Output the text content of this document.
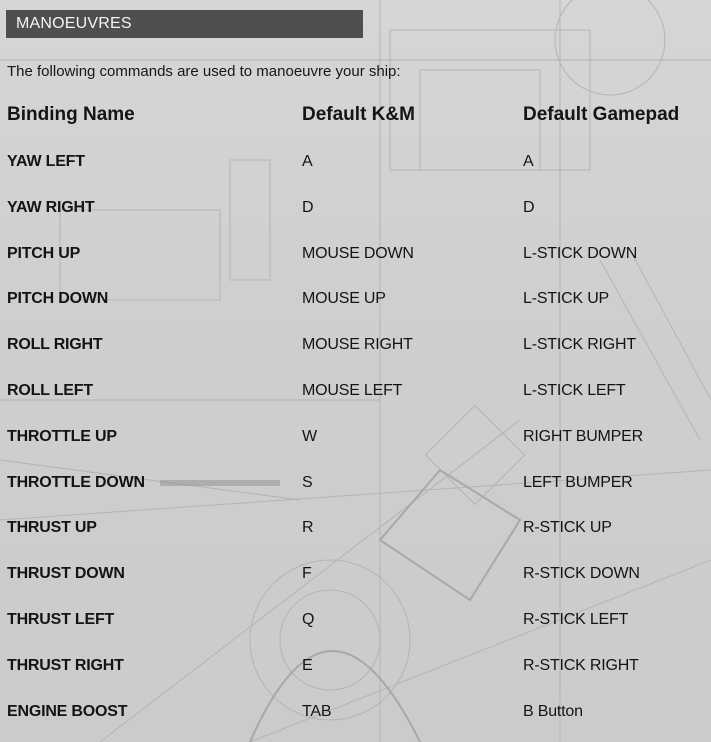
MANOEUVRES
The following commands are used to manoeuvre your ship:
Binding Name	Default K&M	Default Gamepad
YAW LEFT	A	A
YAW RIGHT	D	D
PITCH UP	MOUSE DOWN	L-STICK DOWN
PITCH DOWN	MOUSE UP	L-STICK UP
ROLL RIGHT	MOUSE RIGHT	L-STICK RIGHT
ROLL LEFT	MOUSE LEFT	L-STICK LEFT
THROTTLE UP	W	RIGHT BUMPER
THROTTLE DOWN	S	LEFT BUMPER
THRUST UP	R	R-STICK UP
THRUST DOWN	F	R-STICK DOWN
THRUST LEFT	Q	R-STICK LEFT
THRUST RIGHT	E	R-STICK RIGHT
ENGINE BOOST	TAB	B Button
